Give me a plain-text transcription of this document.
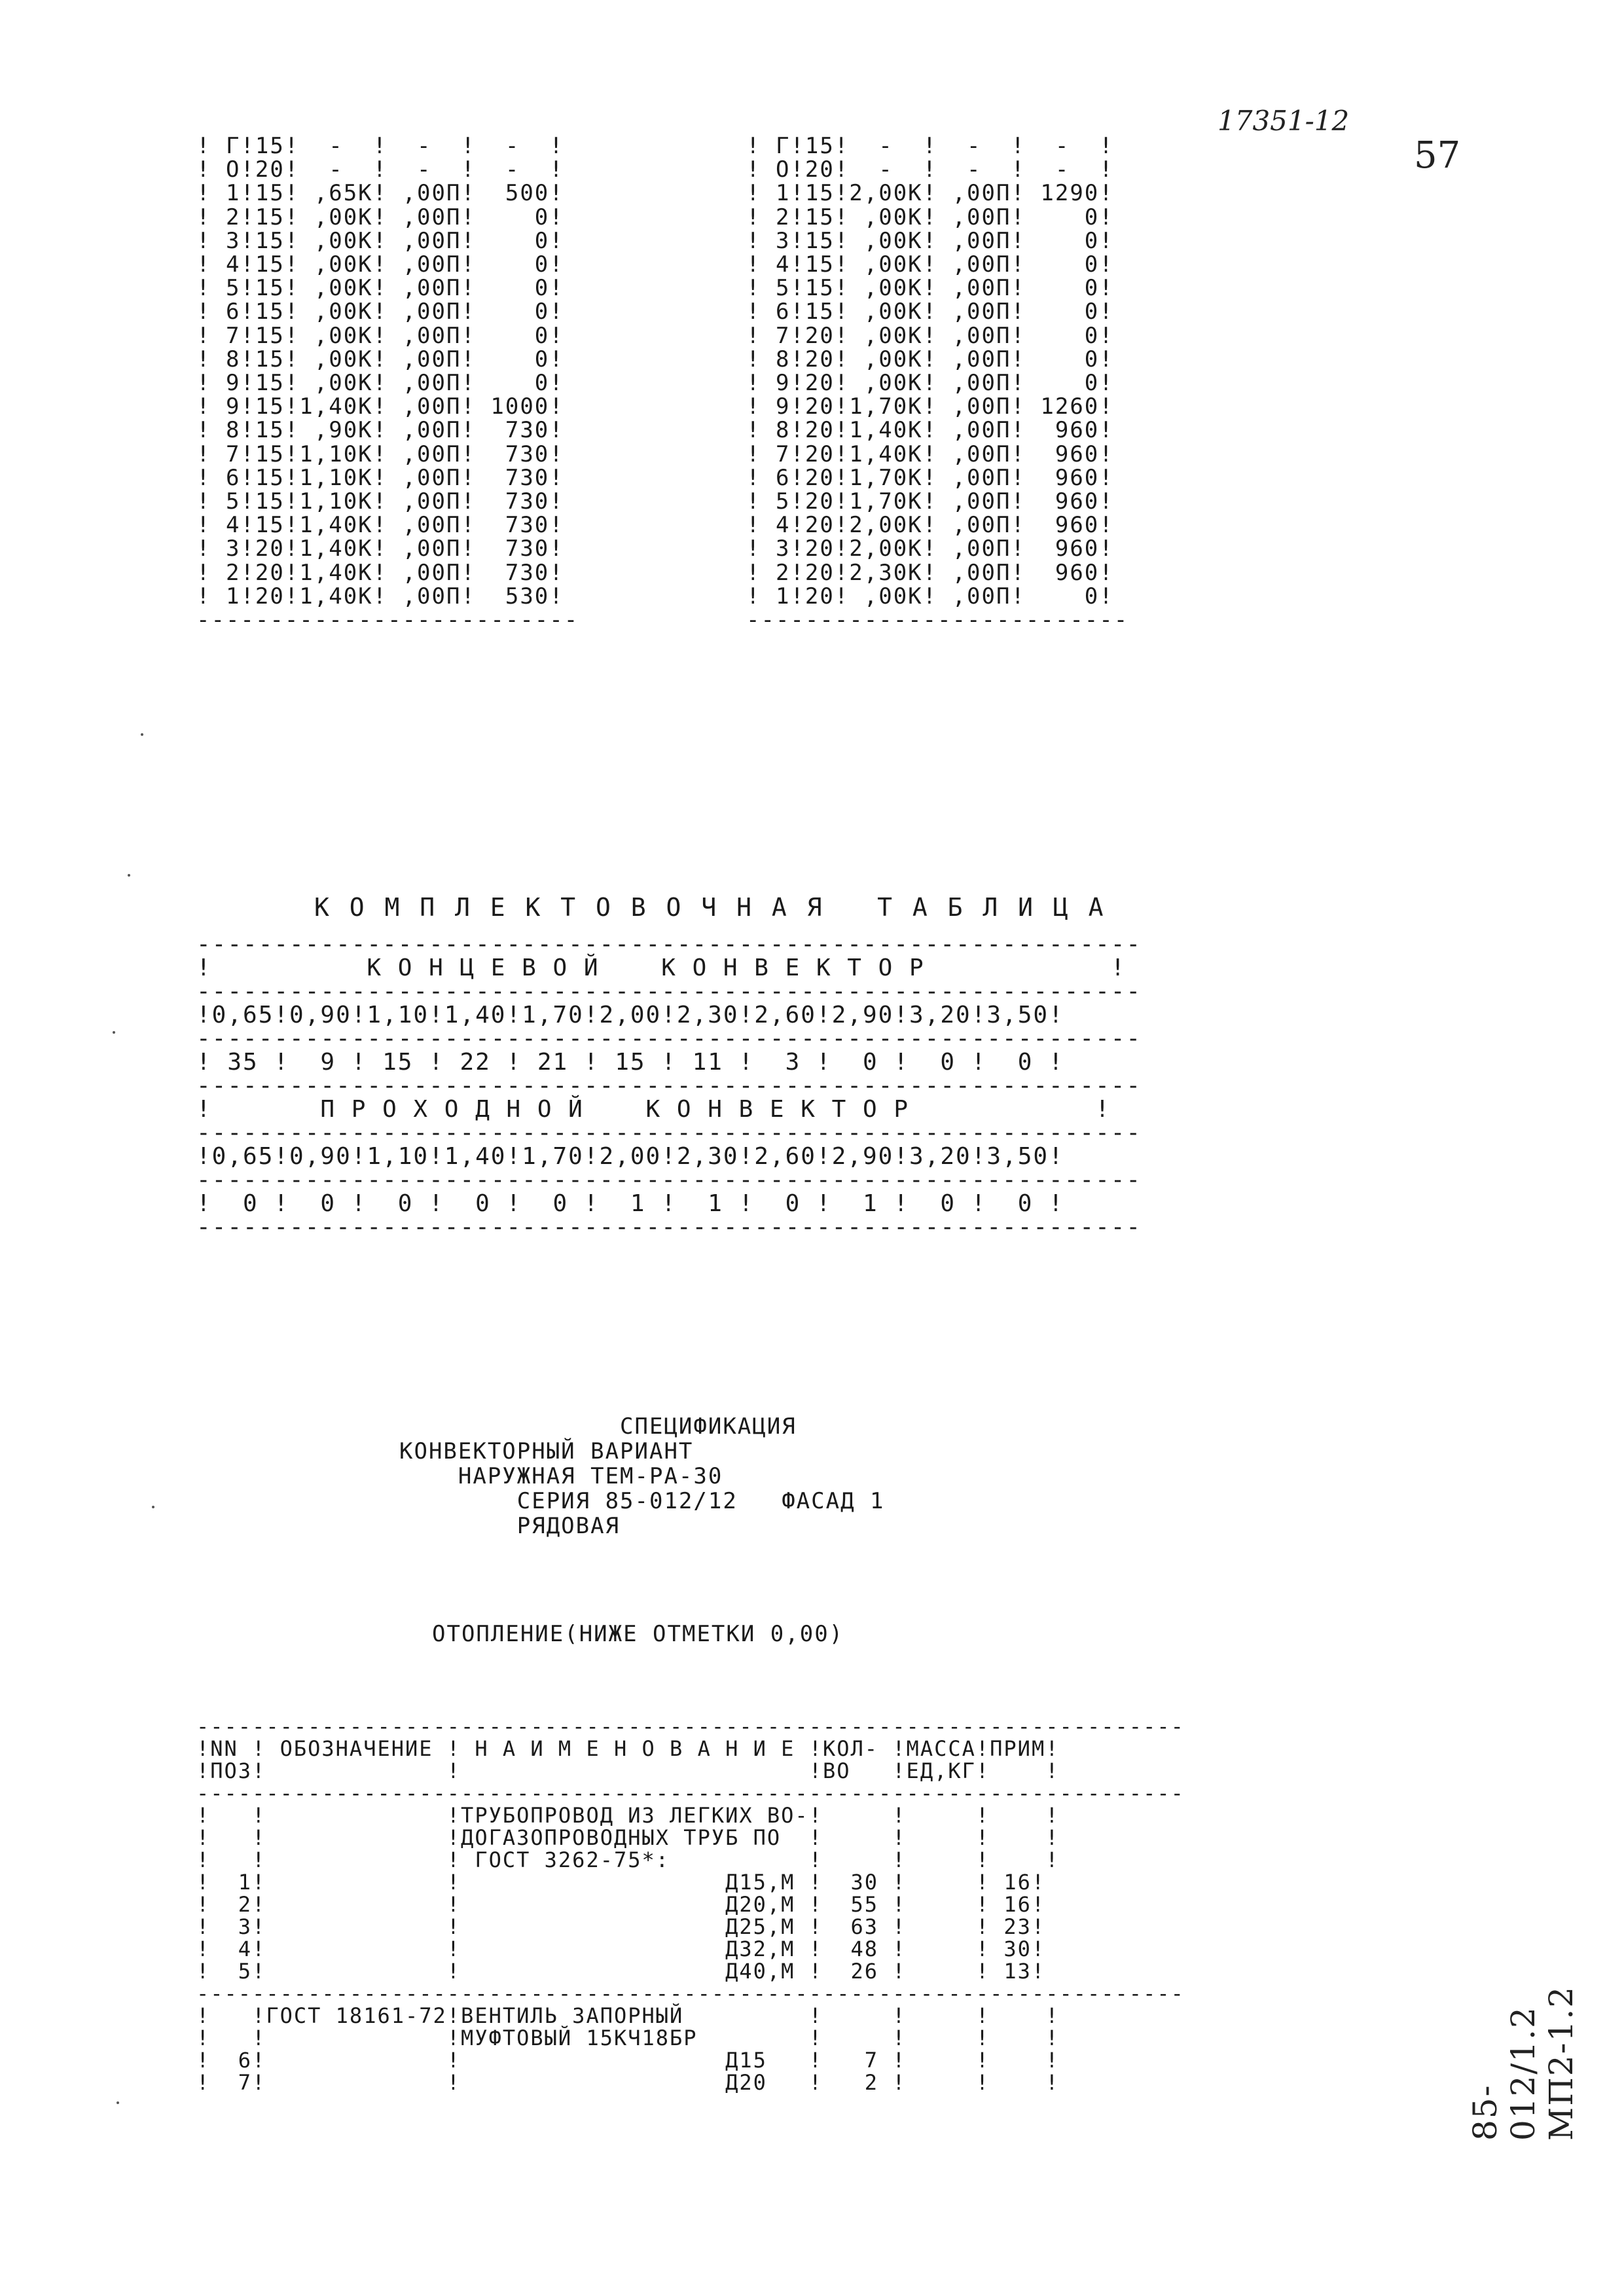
17351-12
57
! Г!15!  -  !  -  !  -  !
! О!20!  -  !  -  !  -  !
! 1!15! ,65К! ,00П!  500!
! 2!15! ,00К! ,00П!    0!
! 3!15! ,00К! ,00П!    0!
! 4!15! ,00К! ,00П!    0!
! 5!15! ,00К! ,00П!    0!
! 6!15! ,00К! ,00П!    0!
! 7!15! ,00К! ,00П!    0!
! 8!15! ,00К! ,00П!    0!
! 9!15! ,00К! ,00П!    0!
! 9!15!1,40К! ,00П! 1000!
! 8!15! ,90К! ,00П!  730!
! 7!15!1,10К! ,00П!  730!
! 6!15!1,10К! ,00П!  730!
! 5!15!1,10К! ,00П!  730!
! 4!15!1,40К! ,00П!  730!
! 3!20!1,40К! ,00П!  730!
! 2!20!1,40К! ,00П!  730!
! 1!20!1,40К! ,00П!  530!
--------------------------
! Г!15!  -  !  -  !  -  !
! О!20!  -  !  -  !  -  !
! 1!15!2,00К! ,00П! 1290!
! 2!15! ,00К! ,00П!    0!
! 3!15! ,00К! ,00П!    0!
! 4!15! ,00К! ,00П!    0!
! 5!15! ,00К! ,00П!    0!
! 6!15! ,00К! ,00П!    0!
! 7!20! ,00К! ,00П!    0!
! 8!20! ,00К! ,00П!    0!
! 9!20! ,00К! ,00П!    0!
! 9!20!1,70К! ,00П! 1260!
! 8!20!1,40К! ,00П!  960!
! 7!20!1,40К! ,00П!  960!
! 6!20!1,70К! ,00П!  960!
! 5!20!1,70К! ,00П!  960!
! 4!20!2,00К! ,00П!  960!
! 3!20!2,00К! ,00П!  960!
! 2!20!2,30К! ,00П!  960!
! 1!20! ,00К! ,00П!    0!
--------------------------
К О М П Л Е К Т О В О Ч Н А Я   Т А Б Л И Ц А
-------------------------------------------------------------
!          К О Н Ц Е В О Й    К О Н В Е К Т О Р            !
-------------------------------------------------------------
!0,65!0,90!1,10!1,40!1,70!2,00!2,30!2,60!2,90!3,20!3,50!
-------------------------------------------------------------
! 35 !  9 ! 15 ! 22 ! 21 ! 15 ! 11 !  3 !  0 !  0 !  0 !
-------------------------------------------------------------
!       П Р О Х О Д Н О Й    К О Н В Е К Т О Р            !
-------------------------------------------------------------
!0,65!0,90!1,10!1,40!1,70!2,00!2,30!2,60!2,90!3,20!3,50!
-------------------------------------------------------------
!  0 !  0 !  0 !  0 !  0 !  1 !  1 !  0 !  1 !  0 !  0 !
-------------------------------------------------------------
СПЕЦИФИКАЦИЯ
КОНВЕКТОРНЫЙ ВАРИАНТ
НАРУЖНАЯ ТЕМ-РА-30
СЕРИЯ 85-012/12   ФАСАД 1
РЯДОВАЯ
ОТОПЛЕНИЕ(НИЖЕ ОТМЕТКИ 0,00)
-----------------------------------------------------------------------
!NN ! ОБОЗНАЧЕНИЕ ! Н А И М Е Н О В А Н И Е !КОЛ- !МАССА!ПРИМ!
!ПОЗ!             !                         !ВО   !ЕД,КГ!    !
-----------------------------------------------------------------------
!   !             !ТРУБОПРОВОД ИЗ ЛЕГКИХ ВО-!     !     !    !
!   !             !ДОГАЗОПРОВОДНЫХ ТРУБ ПО  !     !     !    !
!   !             ! ГОСТ 3262-75*:          !     !     !    !
!  1!             !                   Д15,М !  30 !     ! 16!
!  2!             !                   Д20,М !  55 !     ! 16!
!  3!             !                   Д25,М !  63 !     ! 23!
!  4!             !                   Д32,М !  48 !     ! 30!
!  5!             !                   Д40,М !  26 !     ! 13!
-----------------------------------------------------------------------
!   !ГОСТ 18161-72!ВЕНТИЛЬ ЗАПОРНЫЙ         !     !     !    !
!   !             !МУФТОВЫЙ 15КЧ18БР        !     !     !    !
!  6!             !                   Д15   !   7 !     !    !
!  7!             !                   Д20   !   2 !     !    !
85-012/1.2 МП2-1.2
